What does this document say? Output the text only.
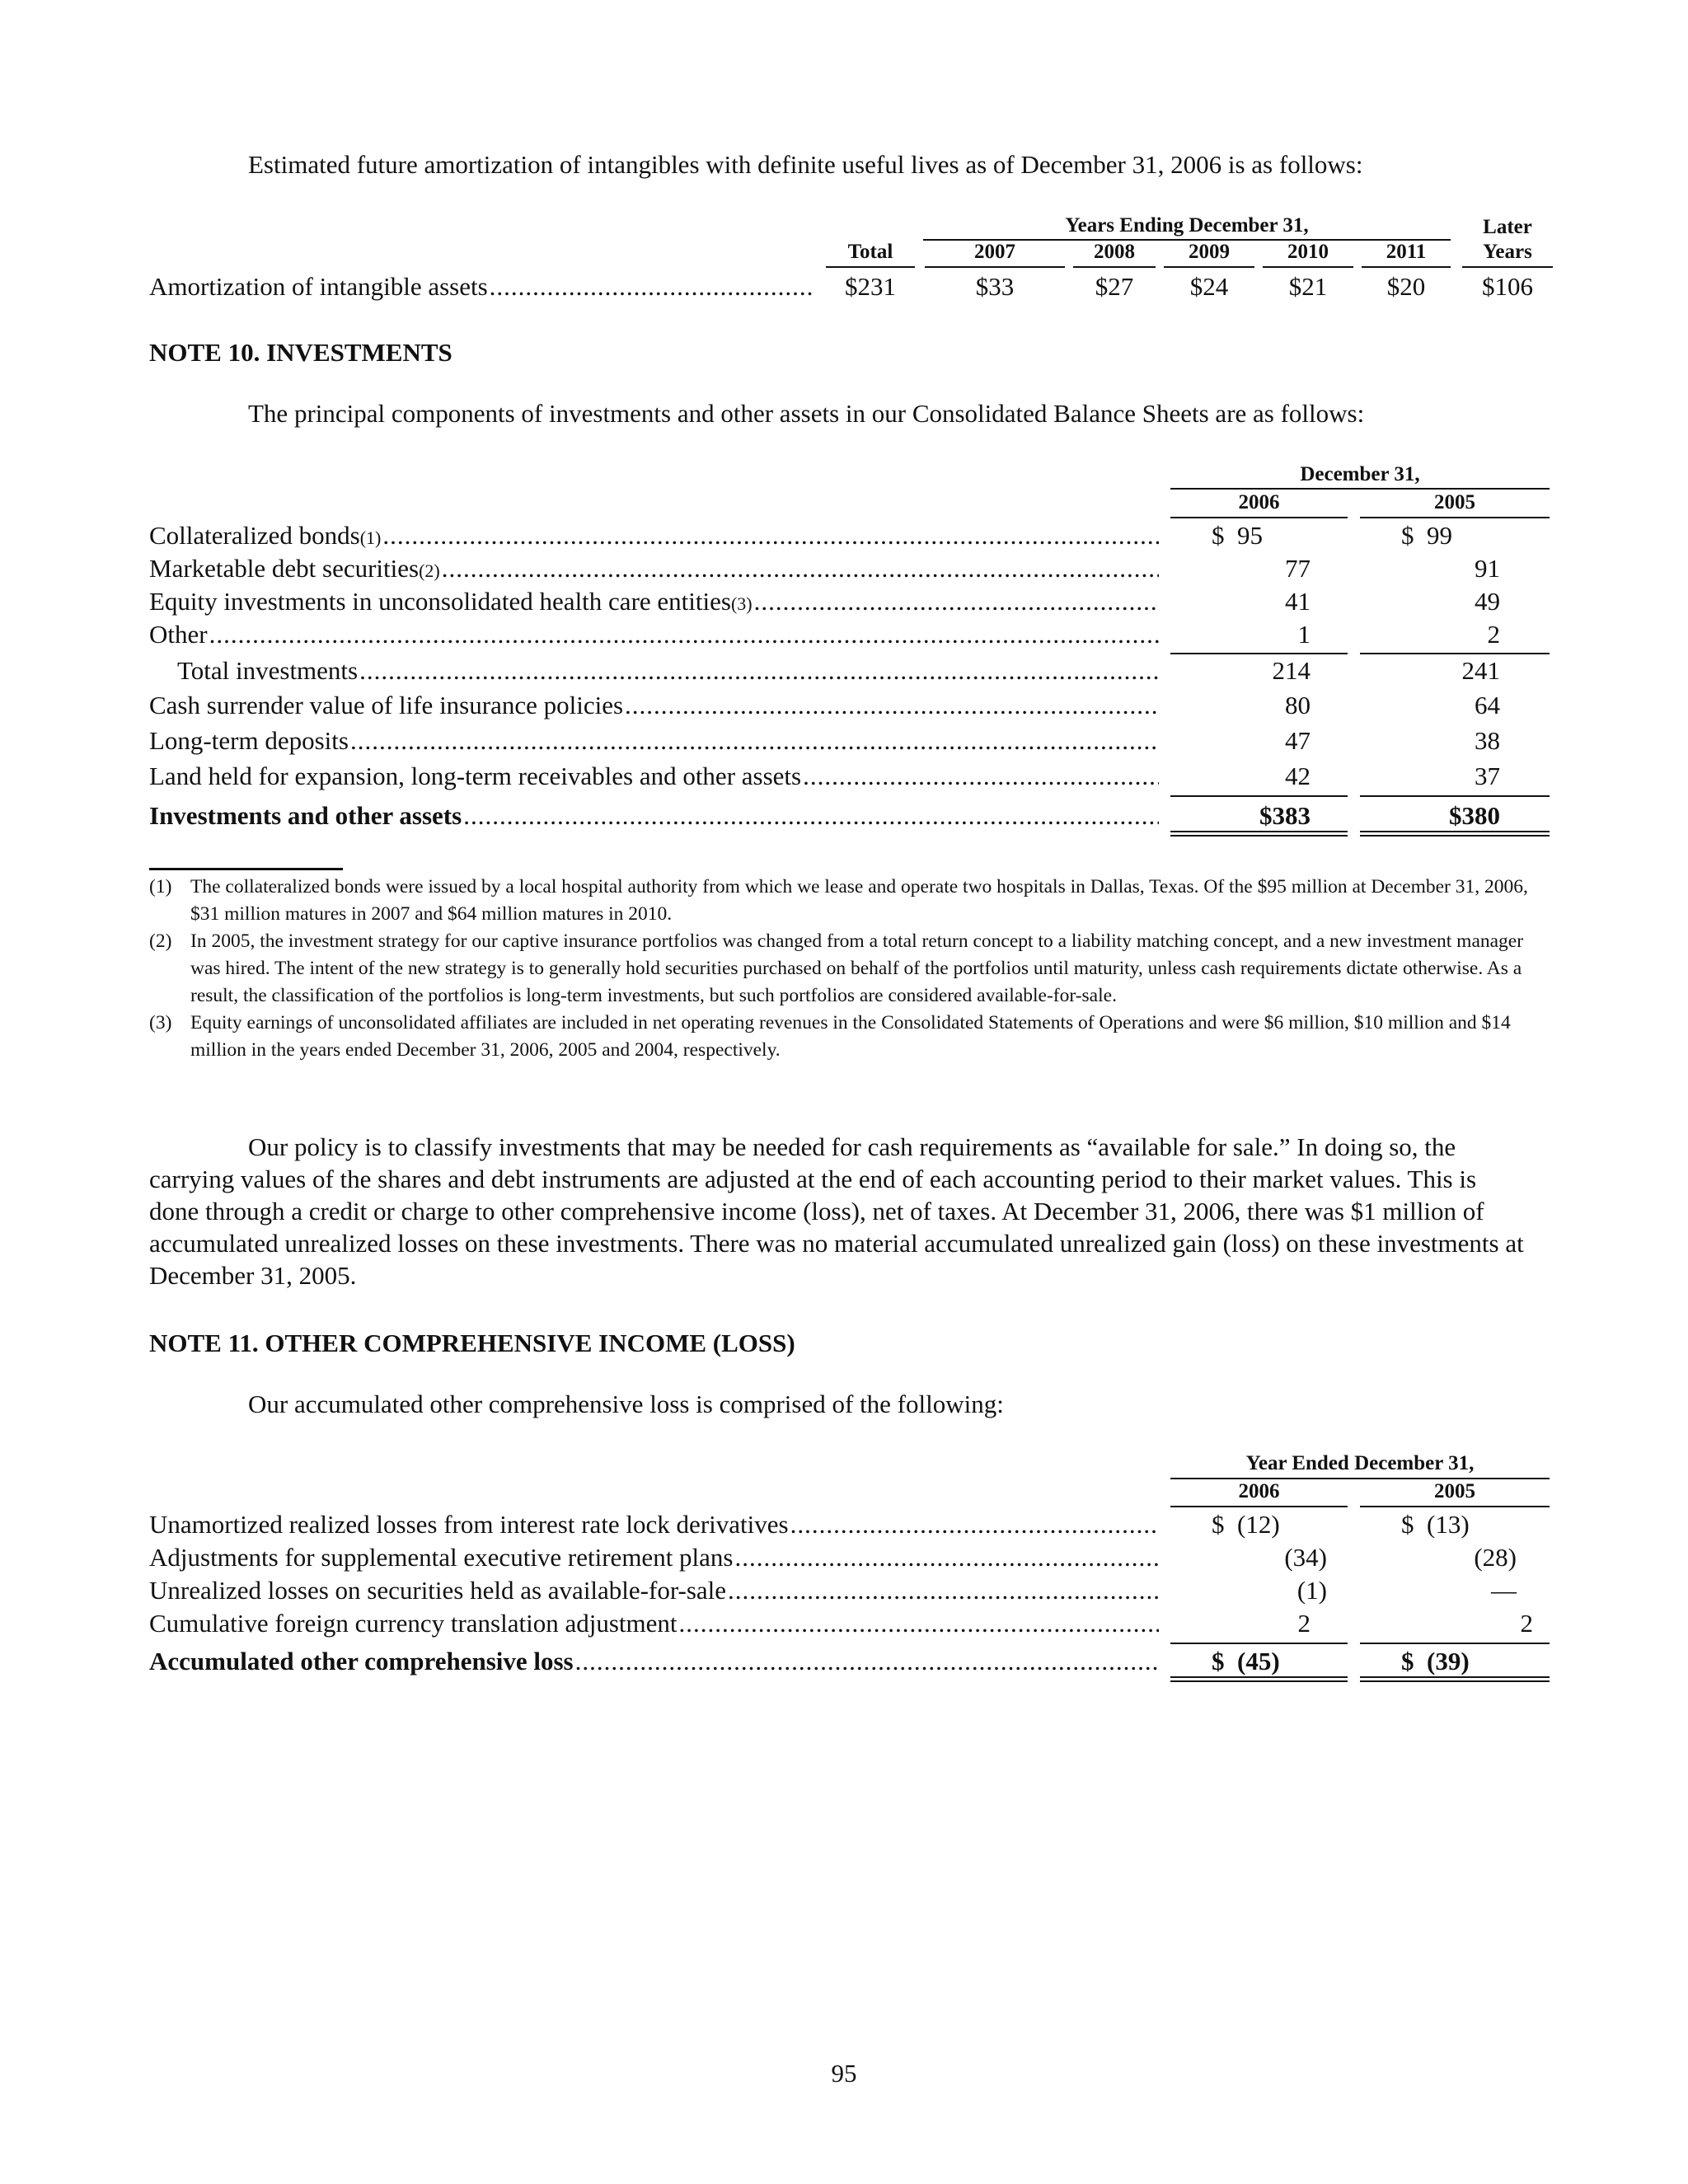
Estimated future amortization of intangibles with definite useful lives as of December 31, 2006 is as follows:
Years Ending December 31,	Later
Total	2007	2008	2009	2010	2011	Years
Amortization of intangible assets .....	$231	$33	$27	$24	$21	$20	$106
NOTE 10. INVESTMENTS
The principal components of investments and other assets in our Consolidated Balance Sheets are as follows:
December 31,
2006	2005
Collateralized bonds(1) .....	$  95	$  99
Marketable debt securities(2) .....	77	91
Equity investments in unconsolidated health care entities(3) .....	41	49
Other .....	1	2
Total investments .....	214	241
Cash surrender value of life insurance policies .....	80	64
Long-term deposits .....	47	38
Land held for expansion, long-term receivables and other assets .....	42	37
Investments and other assets .....	$383	$380
(1) The collateralized bonds were issued by a local hospital authority from which we lease and operate two hospitals in Dallas, Texas. Of the $95 million at December 31, 2006, $31 million matures in 2007 and $64 million matures in 2010.
(2) In 2005, the investment strategy for our captive insurance portfolios was changed from a total return concept to a liability matching concept, and a new investment manager was hired. The intent of the new strategy is to generally hold securities purchased on behalf of the portfolios until maturity, unless cash requirements dictate otherwise. As a result, the classification of the portfolios is long-term investments, but such portfolios are considered available-for-sale.
(3) Equity earnings of unconsolidated affiliates are included in net operating revenues in the Consolidated Statements of Operations and were $6 million, $10 million and $14 million in the years ended December 31, 2006, 2005 and 2004, respectively.
Our policy is to classify investments that may be needed for cash requirements as “available for sale.” In doing so, the carrying values of the shares and debt instruments are adjusted at the end of each accounting period to their market values. This is done through a credit or charge to other comprehensive income (loss), net of taxes. At December 31, 2006, there was $1 million of accumulated unrealized losses on these investments. There was no material accumulated unrealized gain (loss) on these investments at December 31, 2005.
NOTE 11. OTHER COMPREHENSIVE INCOME (LOSS)
Our accumulated other comprehensive loss is comprised of the following:
Year Ended December 31,
2006	2005
Unamortized realized losses from interest rate lock derivatives .....	$  (12)	$  (13)
Adjustments for supplemental executive retirement plans .....	(34)	(28)
Unrealized losses on securities held as available-for-sale .....	(1)	—
Cumulative foreign currency translation adjustment .....	2	2
Accumulated other comprehensive loss .....	$  (45)	$  (39)
95
